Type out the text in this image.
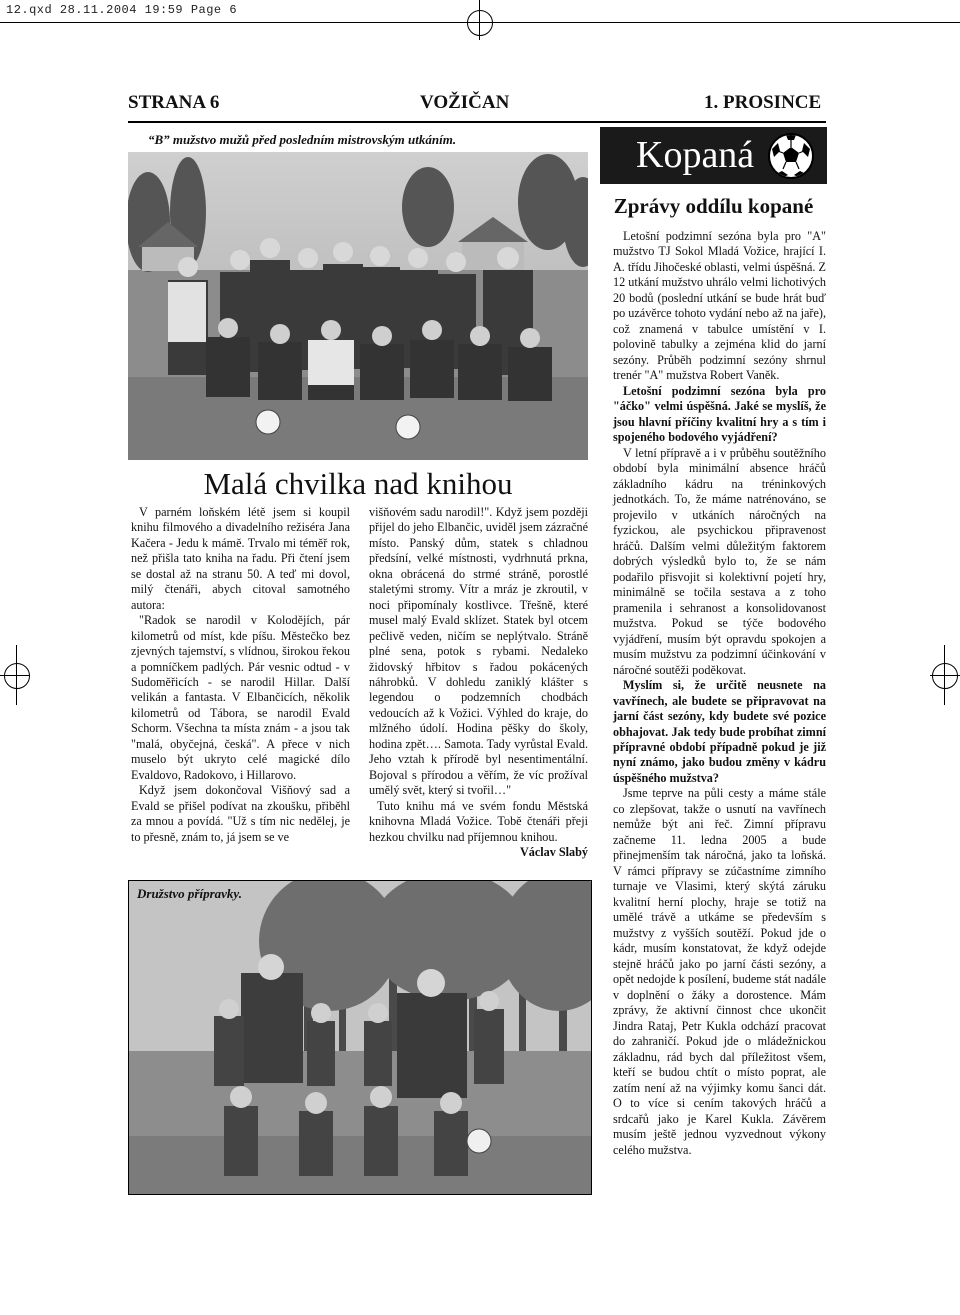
12.qxd 28.11.2004 19:59 Page 6
STRANA 6	VOŽIČAN	1. PROSINCE
“B” mužstvo mužů před posledním mistrovským utkáním.	Kopaná
Zprávy oddílu kopané

Letošní podzimní sezóna byla pro "A" mužstvo TJ Sokol Mladá Vožice, hrající I. A. třídu Jihočeské oblasti, velmi úspěšná. Z 12 utkání mužstvo uhrálo velmi lichotivých 20 bodů (poslední utkání se bude hrát buď po uzávěrce tohoto vydání nebo až na jaře), což znamená v tabulce umístění v I. polovině tabulky a zejména klid do jarní sezóny. Průběh podzimní sezóny shrnul trenér "A" mužstva Robert Vaněk.

Letošní podzimní sezóna byla pro "áčko" velmi úspěšná. Jaké se myslíš, že jsou hlavní příčiny kvalitní hry a s tím i spojeného bodového vyjádření?

V letní přípravě a i v průběhu soutěžního období byla minimální absence hráčů základního kádru na tréninkových jednotkách. To, že máme natrénováno, se projevilo v utkáních náročných na fyzickou, ale psychickou připravenost hráčů. Dalším velmi důležitým faktorem dobrých výsledků bylo to, že se nám podařilo přisvojit si kolektivní pojetí hry, minimálně se točila sestava a z toho pramenila i sehranost a konsolidovanost mužstva. Pokud se týče bodového vyjádření, musím být opravdu spokojen a musím mužstvu za podzimní účinkování v náročné soutěži poděkovat.

Myslím si, že určitě neusnete na vavřínech, ale budete se připravovat na jarní část sezóny, kdy budete své pozice obhajovat. Jak tedy bude probíhat zimní přípravné období případně pokud je již nyní známo, jako budou změny v kádru úspěšného mužstva?

Jsme teprve na půli cesty a máme stále co zlepšovat, takže o usnutí na vavřínech nemůže být ani řeč. Zimní přípravu začneme 11. ledna 2005 a bude přinejmenším tak náročná, jako ta loňská. V rámci přípravy se zúčastníme zimního turnaje ve Vlasimi, který skýtá záruku kvalitní herní plochy, hraje se totiž na umělé trávě a utkáme se především s mužstvy z vyšších soutěží. Pokud jde o kádr, musím konstatovat, že když odejde stejně hráčů jako po jarní části sezóny, a opět nedojde k posílení, budeme stát nadále v doplnění o žáky a dorostence. Mám zprávy, že aktivní činnost chce ukončit Jindra Rataj, Petr Kukla odchází pracovat do zahraničí. Pokud jde o mládežnickou základnu, rád bych dal příležitost všem, kteří se budou chtít o místo poprat, ale zatím není až na výjimky komu šanci dát. O to více si cením takových hráčů a srdcařů jako je Karel Kukla. Závěrem musím ještě jednou vyzvednout výkony celého mužstva.

Malá chvilka nad knihou

V parném loňském létě jsem si koupil knihu filmového a divadelního režiséra Jana Kačera - Jedu k mámě. Trvalo mi téměř rok, než přišla tato kniha na řadu. Při čtení jsem se dostal až na stranu 50. A teď mi dovol, milý čtenáři, abych citoval samotného autora:

"Radok se narodil v Kolodějích, pár kilometrů od míst, kde píšu. Městečko bez zjevných tajemství, s vlídnou, širokou řekou a pomníčkem padlých. Pár vesnic odtud - v Sudoměřicích - se narodil Hillar. Další velikán a fantasta. V Elbančicích, několik kilometrů od Tábora, se narodil Evald Schorm. Všechna ta místa znám - a jsou tak "malá, obyčejná, česká". A přece v nich muselo být ukryto celé magické dílo Evaldovo, Radokovo, i Hillarovo.

Když jsem dokončoval Višňový sad a Evald se přišel podívat na zkoušku, přiběhl za mnou a povídá. "Už s tím nic nedělej, je to přesně, znám to, já jsem se ve

višňovém sadu narodil!". Když jsem později přijel do jeho Elbančic, uviděl jsem zázračné místo. Panský dům, statek s chladnou předsíní, velké místnosti, vydrhnutá prkna, okna obrácená do strmé stráně, porostlé staletými stromy. Vítr a mráz je zkroutil, v noci připomínaly kostlivce. Třešně, které musel malý Evald sklízet. Statek byl otcem pečlivě veden, ničím se neplýtvalo. Stráně plné sena, potok s rybami. Nedaleko židovský hřbitov s řadou pokácených náhrobků. V dohledu zaniklý klášter s legendou o podzemních chodbách vedoucích až k Vožici. Výhled do kraje, do mlžného údolí. Hodina pěšky do školy, hodina zpět…. Samota. Tady vyrůstal Evald. Jeho vztah k přírodě byl nesentimentální. Bojoval s přírodou a věřím, že víc prožíval umělý svět, který si tvořil…"

Tuto knihu má ve svém fondu Městská knihovna Mladá Vožice. Tobě čtenáři přeji hezkou chvilku nad příjemnou knihou.

Václav Slabý
Družstvo přípravky.
